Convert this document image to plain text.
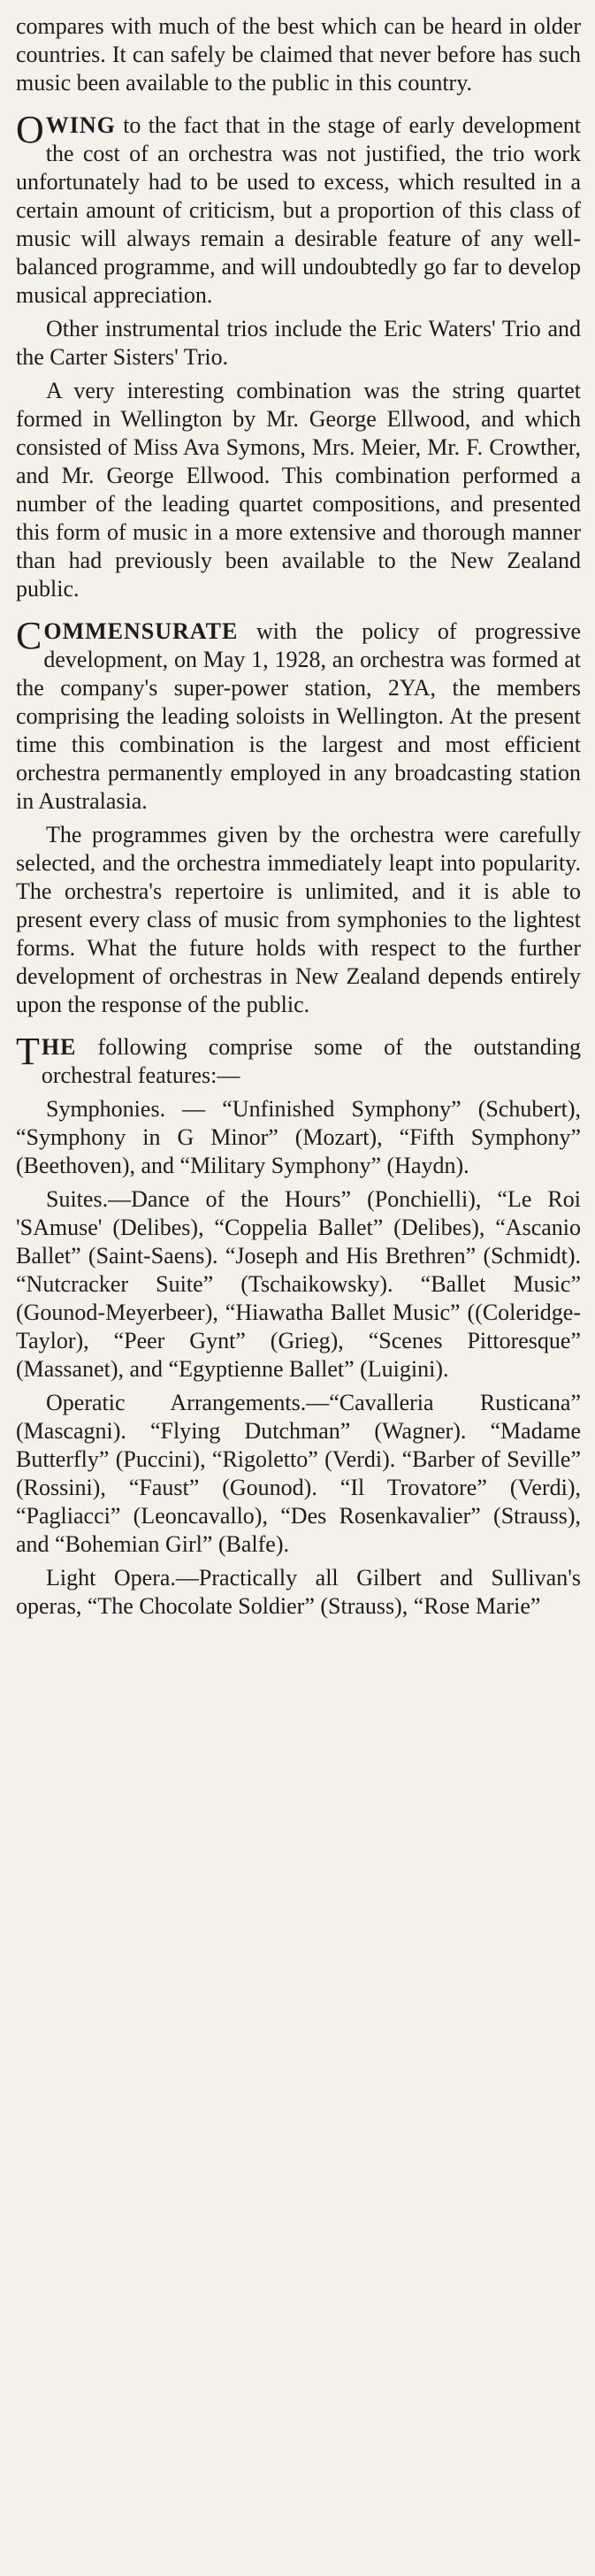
compares with much of the best which can be heard in older countries. It can safely be claimed that never before has such music been available to the public in this country.

OWING to the fact that in the stage of early development the cost of an orchestra was not justified, the trio work unfortunately had to be used to excess, which resulted in a certain amount of criticism, but a proportion of this class of music will always remain a desirable feature of any well-balanced programme, and will undoubtedly go far to develop musical appreciation.

Other instrumental trios include the Eric Waters' Trio and the Carter Sisters' Trio.

A very interesting combination was the string quartet formed in Wellington by Mr. George Ellwood, and which consisted of Miss Ava Symons, Mrs. Meier, Mr. F. Crowther, and Mr. George Ellwood. This combination performed a number of the leading quartet compositions, and presented this form of music in a more extensive and thorough manner than had previously been available to the New Zealand public.

COMMENSURATE with the policy of progressive development, on May 1, 1928, an orchestra was formed at the company's super-power station, 2YA, the members comprising the leading soloists in Wellington. At the present time this combination is the largest and most efficient orchestra permanently employed in any broadcasting station in Australasia.

The programmes given by the orchestra were carefully selected, and the orchestra immediately leapt into popularity. The orchestra's repertoire is unlimited, and it is able to present every class of music from symphonies to the lightest forms. What the future holds with respect to the further development of orchestras in New Zealand depends entirely upon the response of the public.

THE following comprise some of the outstanding orchestral features:—

Symphonies. — “Unfinished Symphony” (Schubert), “Symphony in G Minor” (Mozart), “Fifth Symphony” (Beethoven), and “Military Symphony” (Haydn).

Suites.—Dance of the Hours” (Ponchielli), “Le Roi 'SAmuse' (Delibes), “Coppelia Ballet” (Delibes), “Ascanio Ballet” (Saint-Saens). “Joseph and His Brethren” (Schmidt). “Nutcracker Suite” (Tschaikowsky). “Ballet Music” (Gounod-Meyerbeer), “Hiawatha Ballet Music” ((Coleridge-Taylor), “Peer Gynt” (Grieg), “Scenes Pittoresque” (Massanet), and “Egyptienne Ballet” (Luigini).

Operatic Arrangements.—“Cavalleria Rusticana” (Mascagni). “Flying Dutchman” (Wagner). “Madame Butterfly” (Puccini), “Rigoletto” (Verdi). “Barber of Seville” (Rossini), “Faust” (Gounod). “Il Trovatore” (Verdi), “Pagliacci” (Leoncavallo), “Des Rosenkavalier” (Strauss), and “Bohemian Girl” (Balfe).

Light Opera.—Practically all Gilbert and Sullivan's operas, “The Chocolate Soldier” (Strauss), “Rose Marie”
